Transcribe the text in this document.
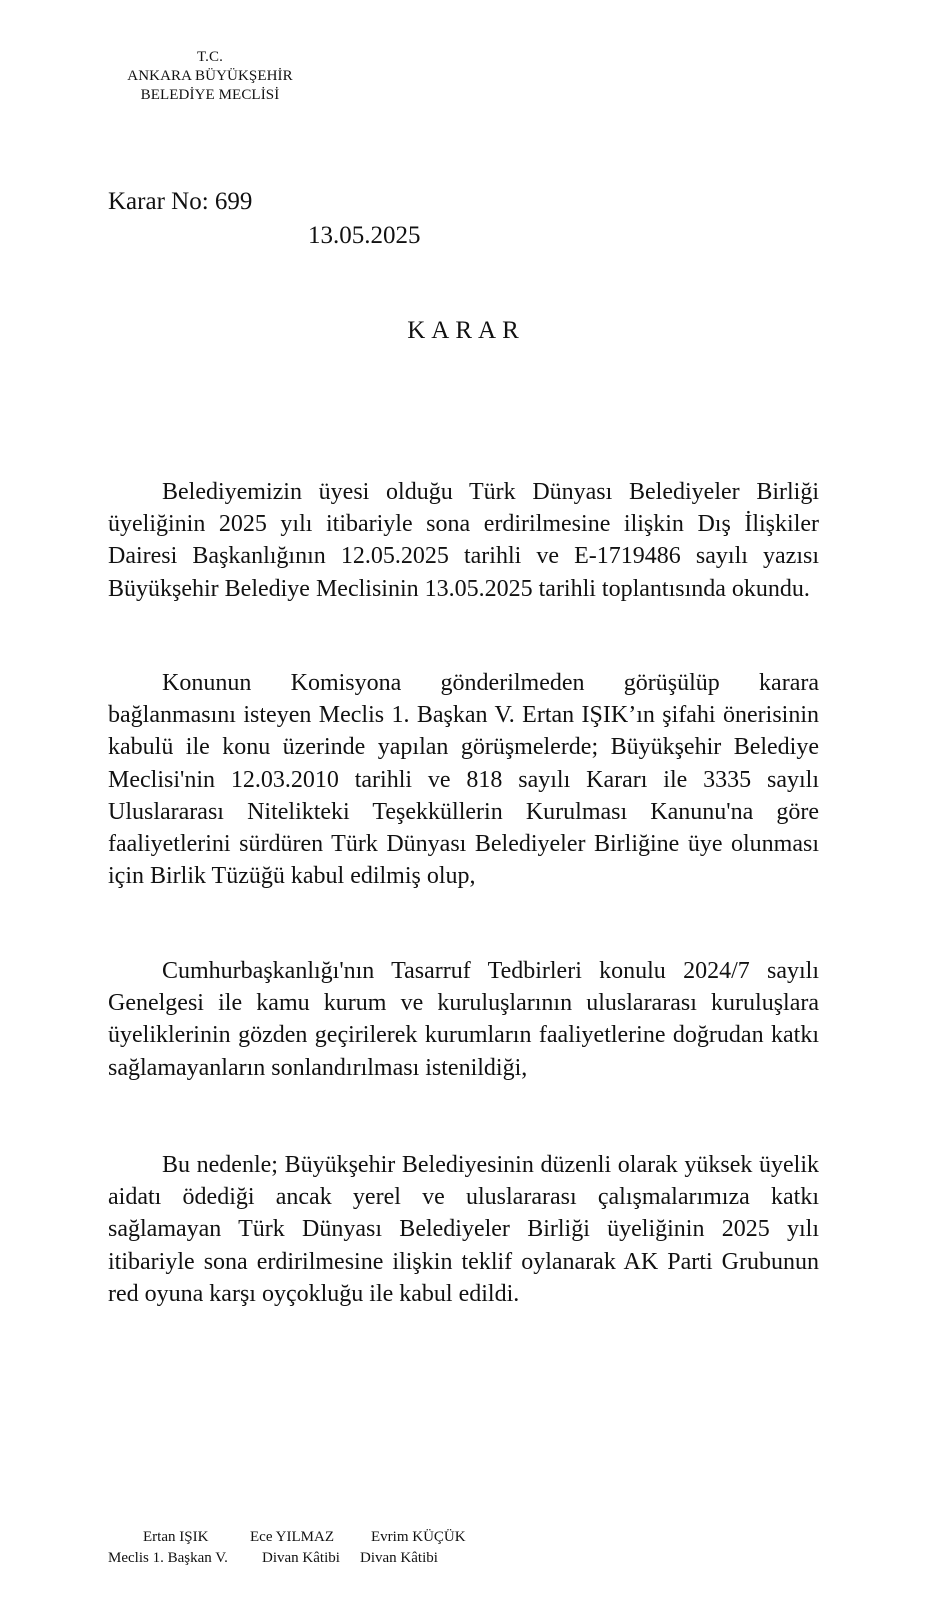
T.C.
ANKARA BÜYÜKŞEHİR
BELEDİYE MECLİSİ
Karar No: 699
13.05.2025
KARAR

Belediyemizin üyesi olduğu Türk Dünyası Belediyeler Birliği üyeliğinin 2025 yılı itibariyle sona erdirilmesine ilişkin Dış İlişkiler Dairesi Başkanlığının 12.05.2025 tarihli ve E-1719486 sayılı yazısı Büyükşehir Belediye Meclisinin 13.05.2025 tarihli toplantısında okundu.

Konunun Komisyona gönderilmeden görüşülüp karara bağlanmasını isteyen Meclis 1. Başkan V. Ertan IŞIK’ın şifahi önerisinin kabulü ile konu üzerinde yapılan görüşmelerde; Büyükşehir Belediye Meclisi'nin 12.03.2010 tarihli ve 818 sayılı Kararı ile 3335 sayılı Uluslararası Nitelikteki Teşekküllerin Kurulması Kanunu'na göre faaliyetlerini sürdüren Türk Dünyası Belediyeler Birliğine üye olunması için Birlik Tüzüğü kabul edilmiş olup,

Cumhurbaşkanlığı'nın Tasarruf Tedbirleri konulu 2024/7 sayılı Genelgesi ile kamu kurum ve kuruluşlarının uluslararası kuruluşlara üyeliklerinin gözden geçirilerek kurumların faaliyetlerine doğrudan katkı sağlamayanların sonlandırılması istenildiği,

Bu nedenle; Büyükşehir Belediyesinin düzenli olarak yüksek üyelik aidatı ödediği ancak yerel ve uluslararası çalışmalarımıza katkı sağlamayan Türk Dünyası Belediyeler Birliği üyeliğinin 2025 yılı itibariyle sona erdirilmesine ilişkin teklif oylanarak AK Parti Grubunun red oyuna karşı oyçokluğu ile kabul edildi.

Ertan IŞIK
Meclis 1. Başkan V.
Ece YILMAZ
Divan Kâtibi
Evrim KÜÇÜK
Divan Kâtibi
